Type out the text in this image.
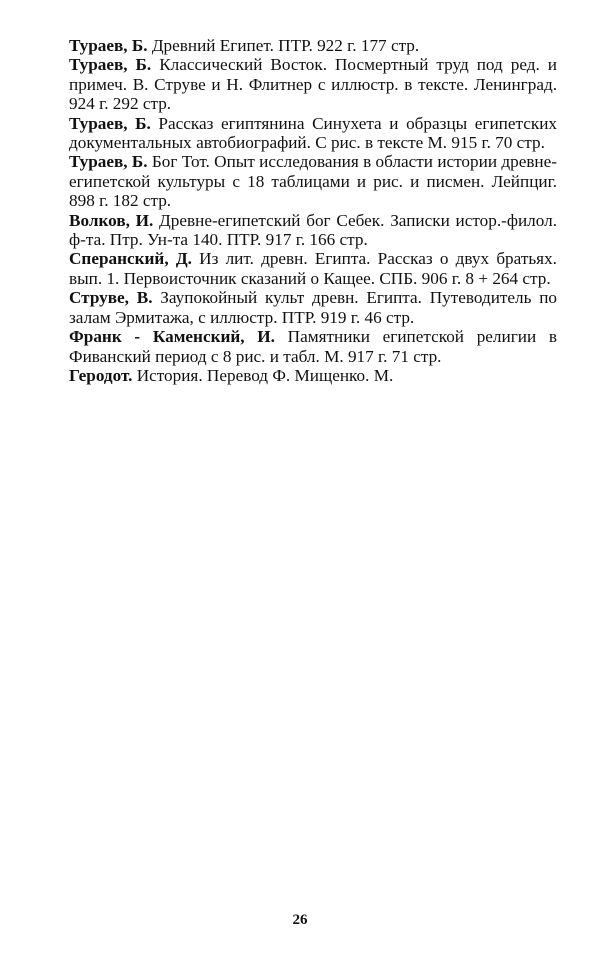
Тураев, Б. Древний Египет. ПТР. 922 г. 177 стр.

Тураев, Б. Классический Восток. Посмертный труд под ред. и примеч. В. Струве и Н. Флитнер с иллюстр. в тексте. Ленинград. 924 г. 292 стр.

Тураев, Б. Рассказ египтянина Синухета и образцы египетских документальных автобиографий. С рис. в тексте М. 915 г. 70 стр.

Тураев, Б. Бог Тот. Опыт исследования в области истории древне-египетской культуры с 18 таблицами и рис. и писмен. Лейпциг. 898 г. 182 стр.

Волков, И. Древне-египетский бог Себек. Записки истор.-филол. ф-та. Птр. Ун-та 140. ПТР. 917 г. 166 стр.

Сперанский, Д. Из лит. древн. Египта. Рассказ о двух братьях. вып. 1. Первоисточник сказаний о Кащее. СПБ. 906 г. 8 + 264 стр.

Струве, В. Заупокойный культ древн. Египта. Путеводитель по залам Эрмитажа, с иллюстр. ПТР. 919 г. 46 стр.

Франк - Каменский, И. Памятники египетской религии в Фиванский период с 8 рис. и табл. М. 917 г. 71 стр.

Геродот. История. Перевод Ф. Мищенко. М.

26
